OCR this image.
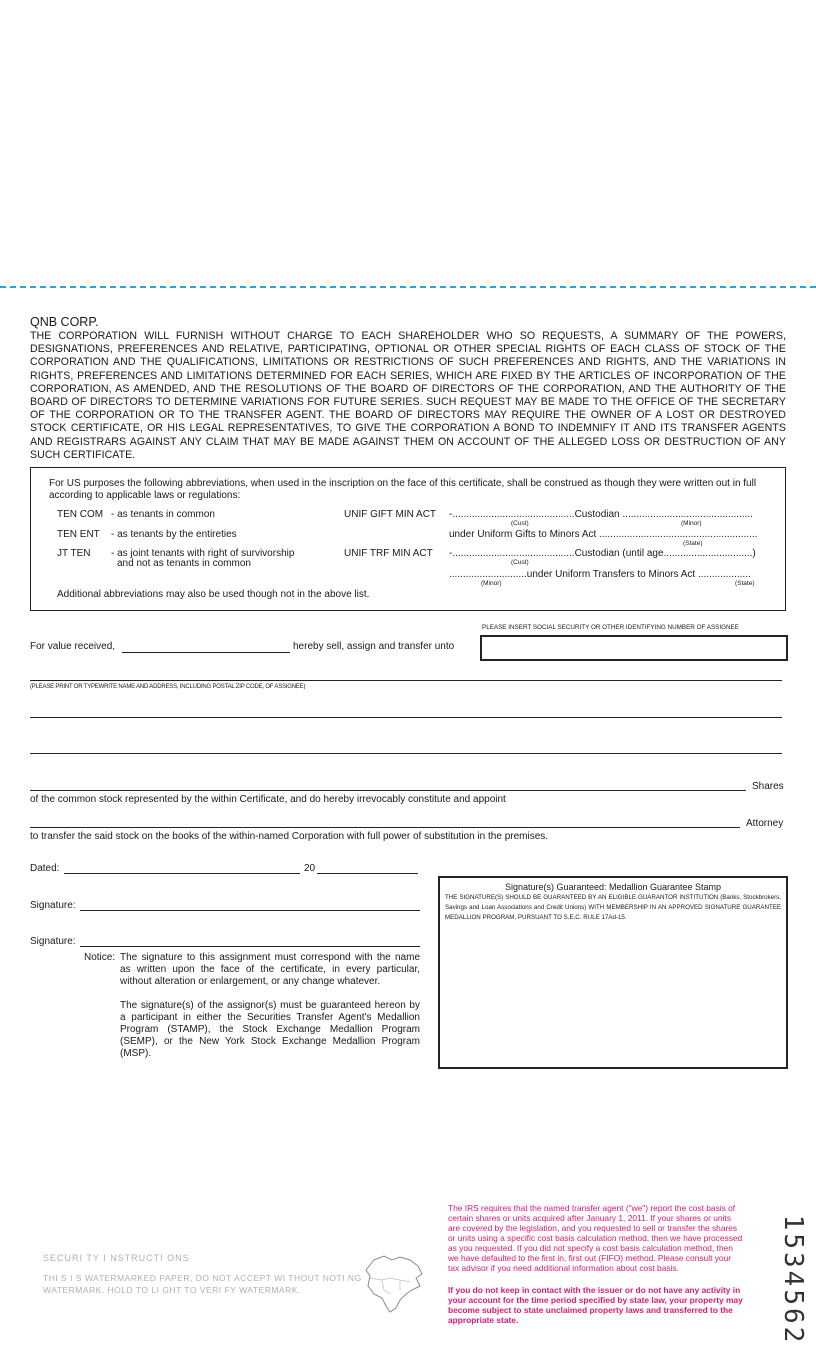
QNB CORP.
THE CORPORATION WILL FURNISH WITHOUT CHARGE TO EACH SHAREHOLDER WHO SO REQUESTS, A SUMMARY OF THE POWERS, DESIGNATIONS, PREFERENCES AND RELATIVE, PARTICIPATING, OPTIONAL OR OTHER SPECIAL RIGHTS OF EACH CLASS OF STOCK OF THE CORPORATION AND THE QUALIFICATIONS, LIMITATIONS OR RESTRICTIONS OF SUCH PREFERENCES AND RIGHTS, AND THE VARIATIONS IN RIGHTS, PREFERENCES AND LIMITATIONS DETERMINED FOR EACH SERIES, WHICH ARE FIXED BY THE ARTICLES OF INCORPORATION OF THE CORPORATION, AS AMENDED, AND THE RESOLUTIONS OF THE BOARD OF DIRECTORS OF THE CORPORATION, AND THE AUTHORITY OF THE BOARD OF DIRECTORS TO DETERMINE VARIATIONS FOR FUTURE SERIES. SUCH REQUEST MAY BE MADE TO THE OFFICE OF THE SECRETARY OF THE CORPORATION OR TO THE TRANSFER AGENT. THE BOARD OF DIRECTORS MAY REQUIRE THE OWNER OF A LOST OR DESTROYED STOCK CERTIFICATE, OR HIS LEGAL REPRESENTATIVES, TO GIVE THE CORPORATION A BOND TO INDEMNIFY IT AND ITS TRANSFER AGENTS AND REGISTRARS AGAINST ANY CLAIM THAT MAY BE MADE AGAINST THEM ON ACCOUNT OF THE ALLEGED LOSS OR DESTRUCTION OF ANY SUCH CERTIFICATE.
For US purposes the following abbreviations, when used in the inscription on the face of this certificate, shall be construed as though they were written out in full according to applicable laws or regulations:
TEN COM - as tenants in common
TEN ENT - as tenants by the entireties
JT TEN - as joint tenants with right of survivorship
and not as tenants in common
UNIF GIFT MIN ACT -............................................Custodian ...............................................
(Cust)	(Minor)
under Uniform Gifts to Minors Act .........................................................
(State)
UNIF TRF MIN ACT -............................................Custodian (until age................................)
(Cust)
............................under Uniform Transfers to Minors Act ...................
(Minor)	(State)
Additional abbreviations may also be used though not in the above list.
PLEASE INSERT SOCIAL SECURITY OR OTHER IDENTIFYING NUMBER OF ASSIGNEE
For value received,	hereby sell, assign and transfer unto
(PLEASE PRINT OR TYPEWRITE NAME AND ADDRESS, INCLUDING POSTAL ZIP CODE, OF ASSIGNEE)
Shares
of the common stock represented by the within Certificate, and do hereby irrevocably constitute and appoint
Attorney
to transfer the said stock on the books of the within-named Corporation with full power of substitution in the premises.
Dated:	20
Signature:
Signature:
Signature(s) Guaranteed: Medallion Guarantee Stamp
THE SIGNATURE(S) SHOULD BE GUARANTEED BY AN ELIGIBLE GUARANTOR INSTITUTION (Banks, Stockbrokers, Savings and Loan Associations and Credit Unions) WITH MEMBERSHIP IN AN APPROVED SIGNATURE GUARANTEE MEDALLION PROGRAM, PURSUANT TO S.E.C. RULE 17Ad-15.
Notice: The signature to this assignment must correspond with the name as written upon the face of the certificate, in every particular, without alteration or enlargement, or any change whatever.
The signature(s) of the assignor(s) must be guaranteed hereon by a participant in either the Securities Transfer Agent's Medallion Program (STAMP), the Stock Exchange Medallion Program (SEMP), or the New York Stock Exchange Medallion Program (MSP).
SECURI TY I NSTRUCTI ONS
THI S I S WATERMARKED PAPER, DO NOT ACCEPT WI THOUT NOTI NG WATERMARK. HOLD TO LI GHT TO VERI FY WATERMARK.
The IRS requires that the named transfer agent ("we") report the cost basis of certain shares or units acquired after January 1, 2011. If your shares or units are covered by the legislation, and you requested to sell or transfer the shares or units using a specific cost basis calculation method, then we have processed as you requested. If you did not specify a cost basis calculation method, then we have defaulted to the first in, first out (FIFO) method. Please consult your tax advisor if you need additional information about cost basis.
If you do not keep in contact with the issuer or do not have any activity in your account for the time period specified by state law, your property may become subject to state unclaimed property laws and transferred to the appropriate state.	1534562
